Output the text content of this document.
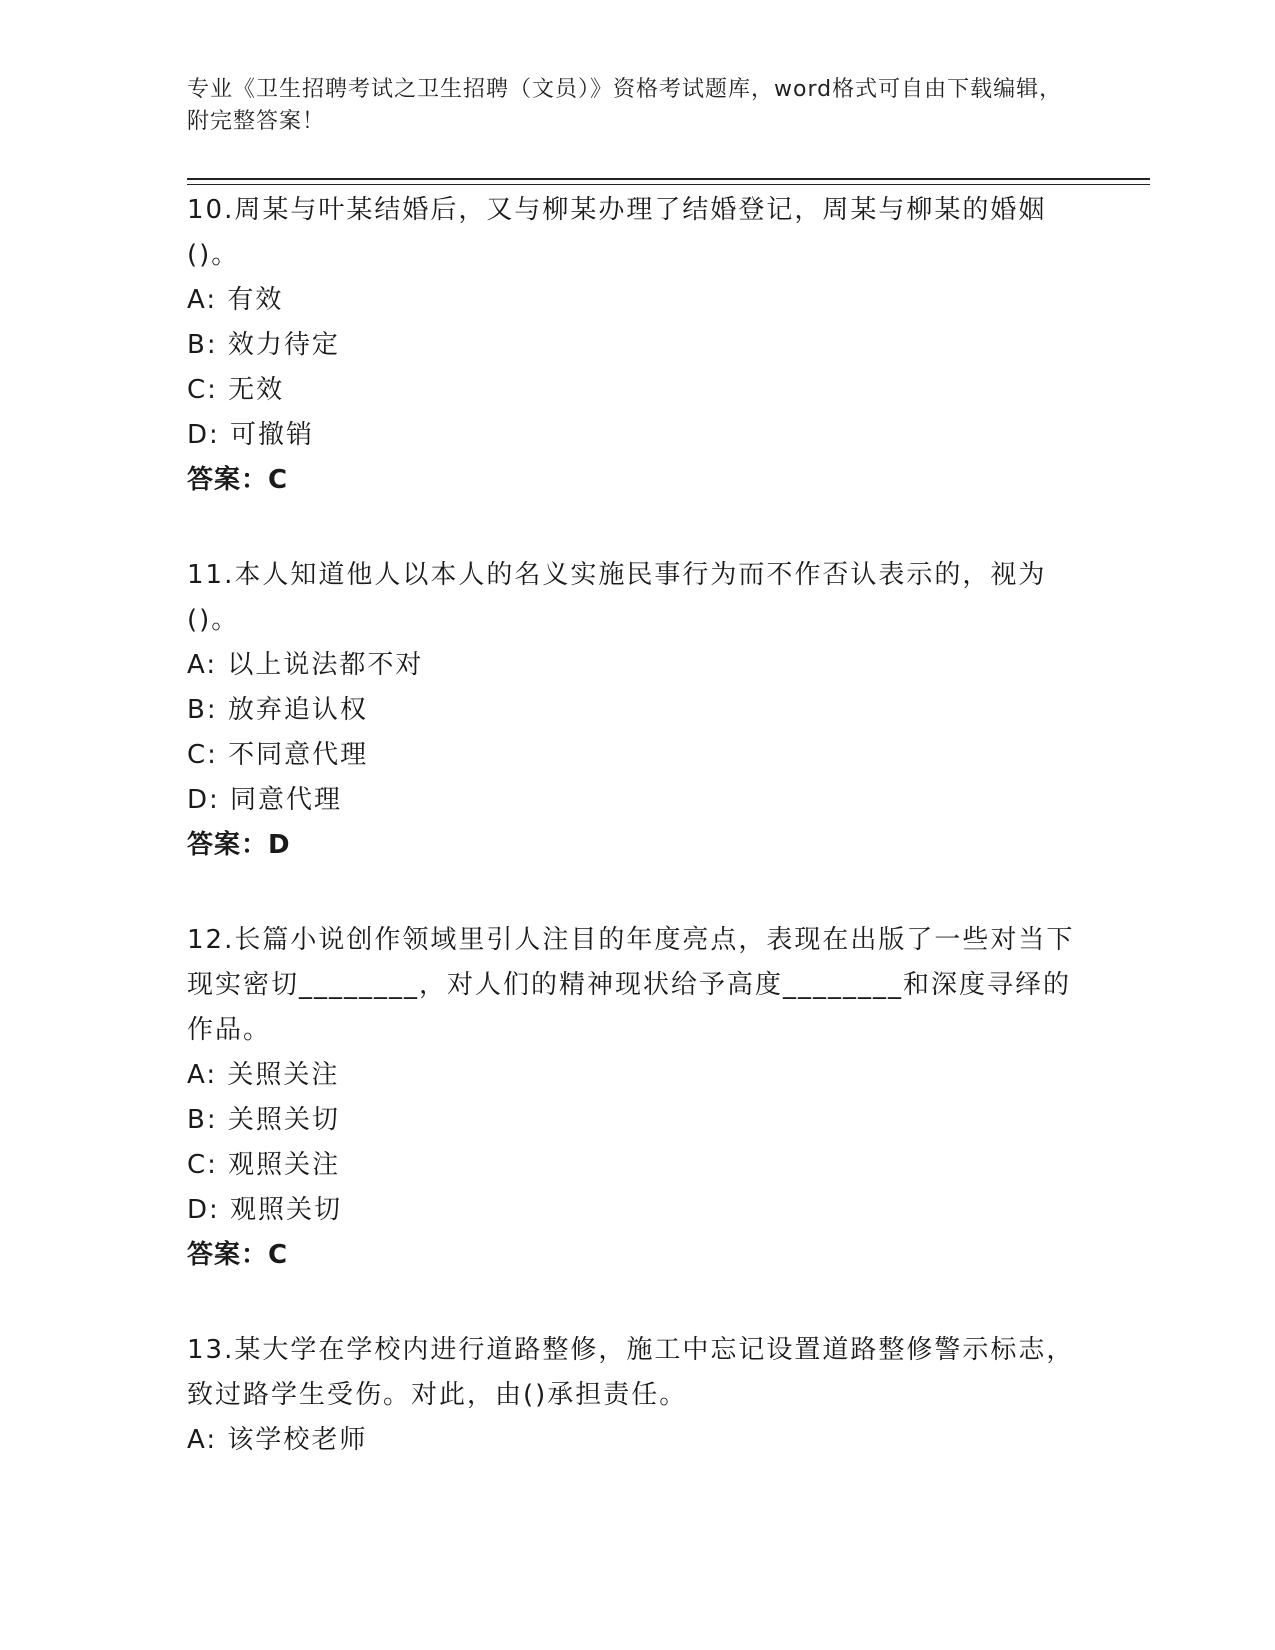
专业《卫生招聘考试之卫生招聘（文员）》资格考试题库，word格式可自由下载编辑，附完整答案！

10.周某与叶某结婚后，又与柳某办理了结婚登记，周某与柳某的婚姻()。

A: 有效

B: 效力待定

C: 无效

D: 可撤销

答案：C

11.本人知道他人以本人的名义实施民事行为而不作否认表示的，视为()。

A: 以上说法都不对

B: 放弃追认权

C: 不同意代理

D: 同意代理

答案：D

12.长篇小说创作领域里引人注目的年度亮点，表现在出版了一些对当下现实密切________，对人们的精神现状给予高度________和深度寻绎的作品。

A: 关照关注

B: 关照关切

C: 观照关注

D: 观照关切

答案：C

13.某大学在学校内进行道路整修，施工中忘记设置道路整修警示标志，致过路学生受伤。对此，由()承担责任。

A: 该学校老师
